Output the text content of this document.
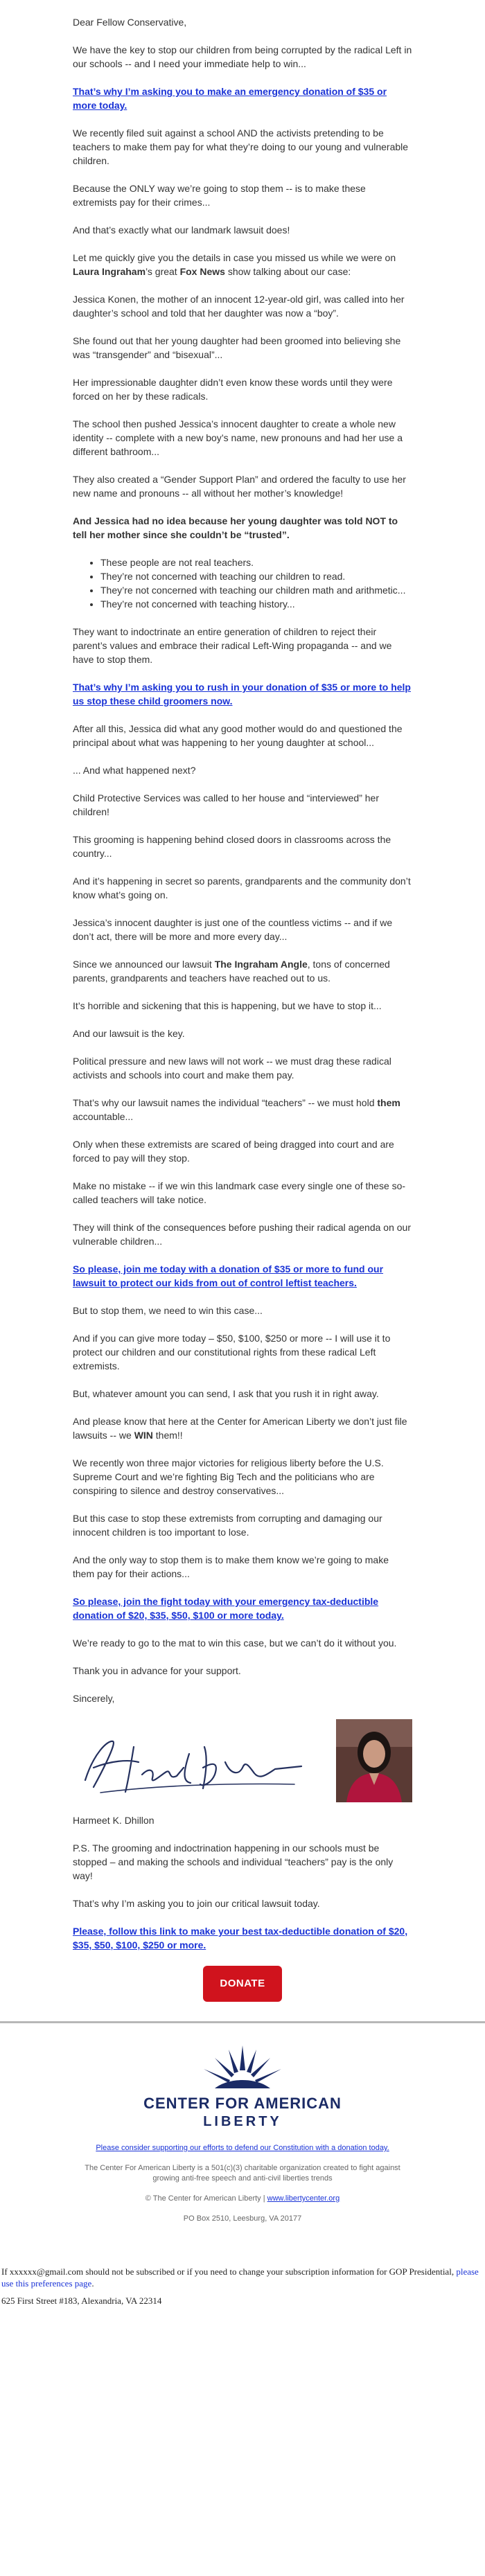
Dear Fellow Conservative,

We have the key to stop our children from being corrupted by the radical Left in our schools -- and I need your immediate help to win...

That’s why I’m asking you to make an emergency donation of $35 or more today.

We recently filed suit against a school AND the activists pretending to be teachers to make them pay for what they’re doing to our young and vulnerable children.

Because the ONLY way we’re going to stop them -- is to make these extremists pay for their crimes...

And that’s exactly what our landmark lawsuit does!

Let me quickly give you the details in case you missed us while we were on Laura Ingraham’s great Fox News show talking about our case:

Jessica Konen, the mother of an innocent 12-year-old girl, was called into her daughter’s school and told that her daughter was now a “boy”.

She found out that her young daughter had been groomed into believing she was “transgender” and “bisexual”...

Her impressionable daughter didn’t even know these words until they were forced on her by these radicals.

The school then pushed Jessica’s innocent daughter to create a whole new identity -- complete with a new boy’s name, new pronouns and had her use a different bathroom...

They also created a “Gender Support Plan” and ordered the faculty to use her new name and pronouns -- all without her mother’s knowledge!

And Jessica had no idea because her young daughter was told NOT to tell her mother since she couldn’t be “trusted”.

• These people are not real teachers.
• They’re not concerned with teaching our children to read.
• They’re not concerned with teaching our children math and arithmetic...
• They’re not concerned with teaching history...

They want to indoctrinate an entire generation of children to reject their parent’s values and embrace their radical Left-Wing propaganda -- and we have to stop them.

That’s why I’m asking you to rush in your donation of $35 or more to help us stop these child groomers now.

After all this, Jessica did what any good mother would do and questioned the principal about what was happening to her young daughter at school...

... And what happened next?

Child Protective Services was called to her house and “interviewed” her children!

This grooming is happening behind closed doors in classrooms across the country...

And it’s happening in secret so parents, grandparents and the community don’t know what’s going on.

Jessica’s innocent daughter is just one of the countless victims -- and if we don’t act, there will be more and more every day...

Since we announced our lawsuit The Ingraham Angle, tons of concerned parents, grandparents and teachers have reached out to us.

It’s horrible and sickening that this is happening, but we have to stop it...

And our lawsuit is the key.

Political pressure and new laws will not work -- we must drag these radical activists and schools into court and make them pay.

That’s why our lawsuit names the individual “teachers” -- we must hold them accountable...

Only when these extremists are scared of being dragged into court and are forced to pay will they stop.

Make no mistake -- if we win this landmark case every single one of these so-called teachers will take notice.

They will think of the consequences before pushing their radical agenda on our vulnerable children...

So please, join me today with a donation of $35 or more to fund our lawsuit to protect our kids from out of control leftist teachers.

But to stop them, we need to win this case...

And if you can give more today – $50, $100, $250 or more -- I will use it to protect our children and our constitutional rights from these radical Left extremists.

But, whatever amount you can send, I ask that you rush it in right away.

And please know that here at the Center for American Liberty we don’t just file lawsuits -- we WIN them!!

We recently won three major victories for religious liberty before the U.S. Supreme Court and we’re fighting Big Tech and the politicians who are conspiring to silence and destroy conservatives...

But this case to stop these extremists from corrupting and damaging our innocent children is too important to lose.

And the only way to stop them is to make them know we’re going to make them pay for their actions...

So please, join the fight today with your emergency tax-deductible donation of $20, $35, $50, $100 or more today.

We’re ready to go to the mat to win this case, but we can’t do it without you.

Thank you in advance for your support.

Sincerely,

Harmeet K. Dhillon

P.S. The grooming and indoctrination happening in our schools must be stopped – and making the schools and individual “teachers” pay is the only way!

That’s why I’m asking you to join our critical lawsuit today.

Please, follow this link to make your best tax-deductible donation of $20, $35, $50, $100, $250 or more.

DONATE
CENTER FOR AMERICAN
LIBERTY

Please consider supporting our efforts to defend our Constitution with a donation today.

The Center For American Liberty is a 501(c)(3) charitable organization created to fight against growing anti-free speech and anti-civil liberties trends

© The Center for American Liberty | www.libertycenter.org

PO Box 2510, Leesburg, VA 20177

If xxxxxx@gmail.com should not be subscribed or if you need to change your subscription information for GOP Presidential, please use this preferences page.

625 First Street #183, Alexandria, VA 22314
